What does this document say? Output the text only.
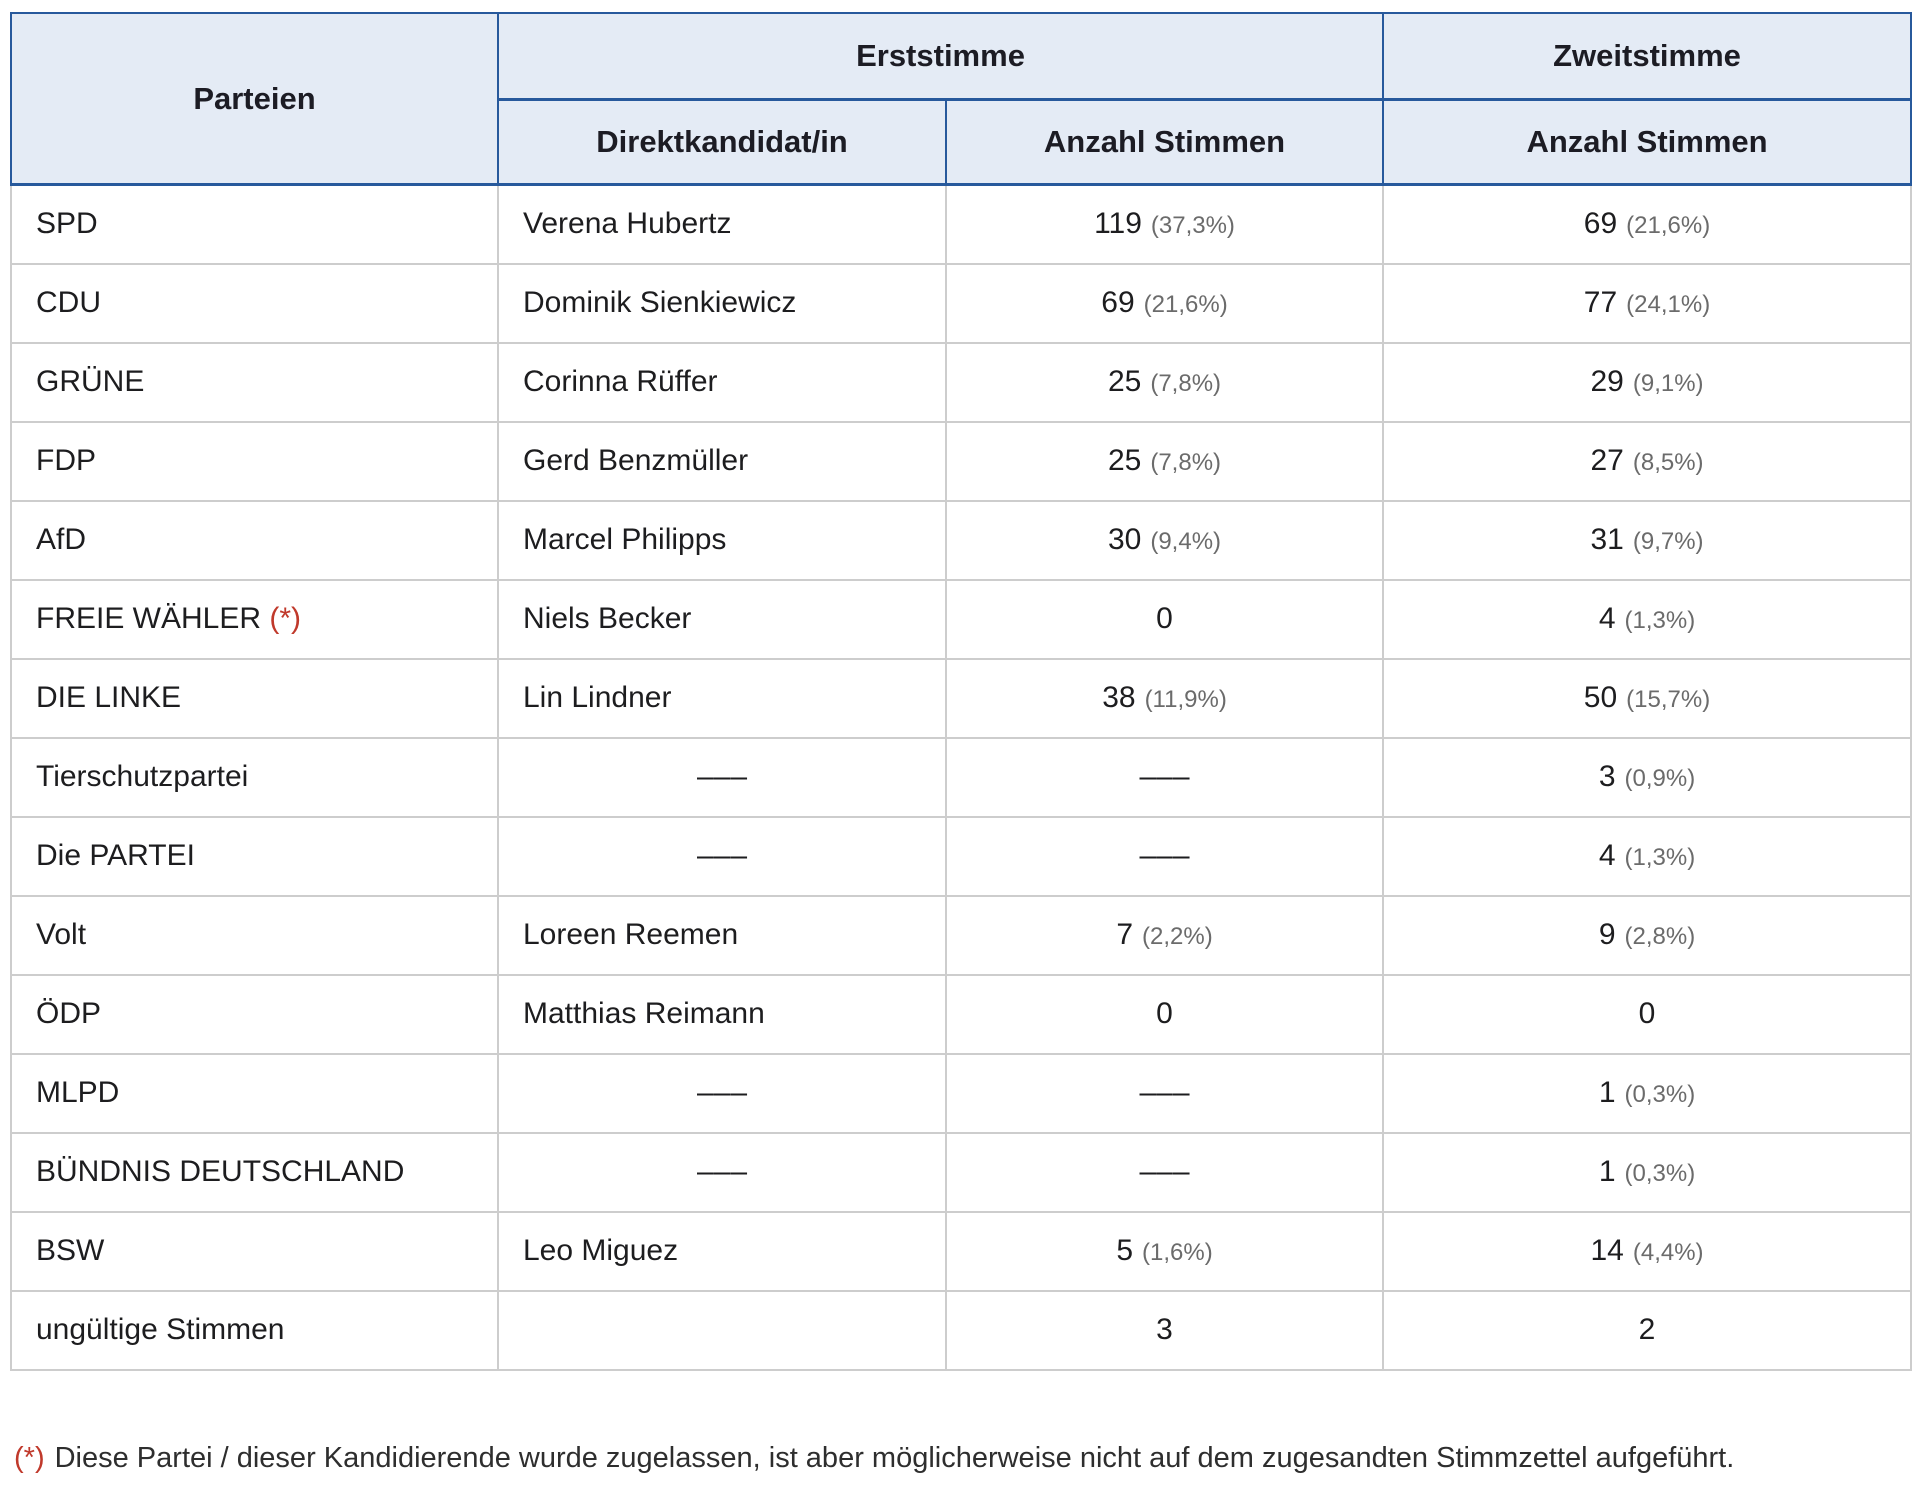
Parteien	Erststimme		Zweitstimme
	Direktkandidat/in	Anzahl Stimmen	Anzahl Stimmen
SPD	Verena Hubertz	119 (37,3%)	69 (21,6%)
CDU	Dominik Sienkiewicz	69 (21,6%)	77 (24,1%)
GRÜNE	Corinna Rüffer	25 (7,8%)	29 (9,1%)
FDP	Gerd Benzmüller	25 (7,8%)	27 (8,5%)
AfD	Marcel Philipps	30 (9,4%)	31 (9,7%)
FREIE WÄHLER (*)	Niels Becker	0	4 (1,3%)
DIE LINKE	Lin Lindner	38 (11,9%)	50 (15,7%)
Tierschutzpartei	–––	–––	3 (0,9%)
Die PARTEI	–––	–––	4 (1,3%)
Volt	Loreen Reemen	7 (2,2%)	9 (2,8%)
ÖDP	Matthias Reimann	0	0
MLPD	–––	–––	1 (0,3%)
BÜNDNIS DEUTSCHLAND	–––	–––	1 (0,3%)
BSW	Leo Miguez	5 (1,6%)	14 (4,4%)
ungültige Stimmen		3	2
(*) Diese Partei / dieser Kandidierende wurde zugelassen, ist aber möglicherweise nicht auf dem zugesandten Stimmzettel aufgeführt.
